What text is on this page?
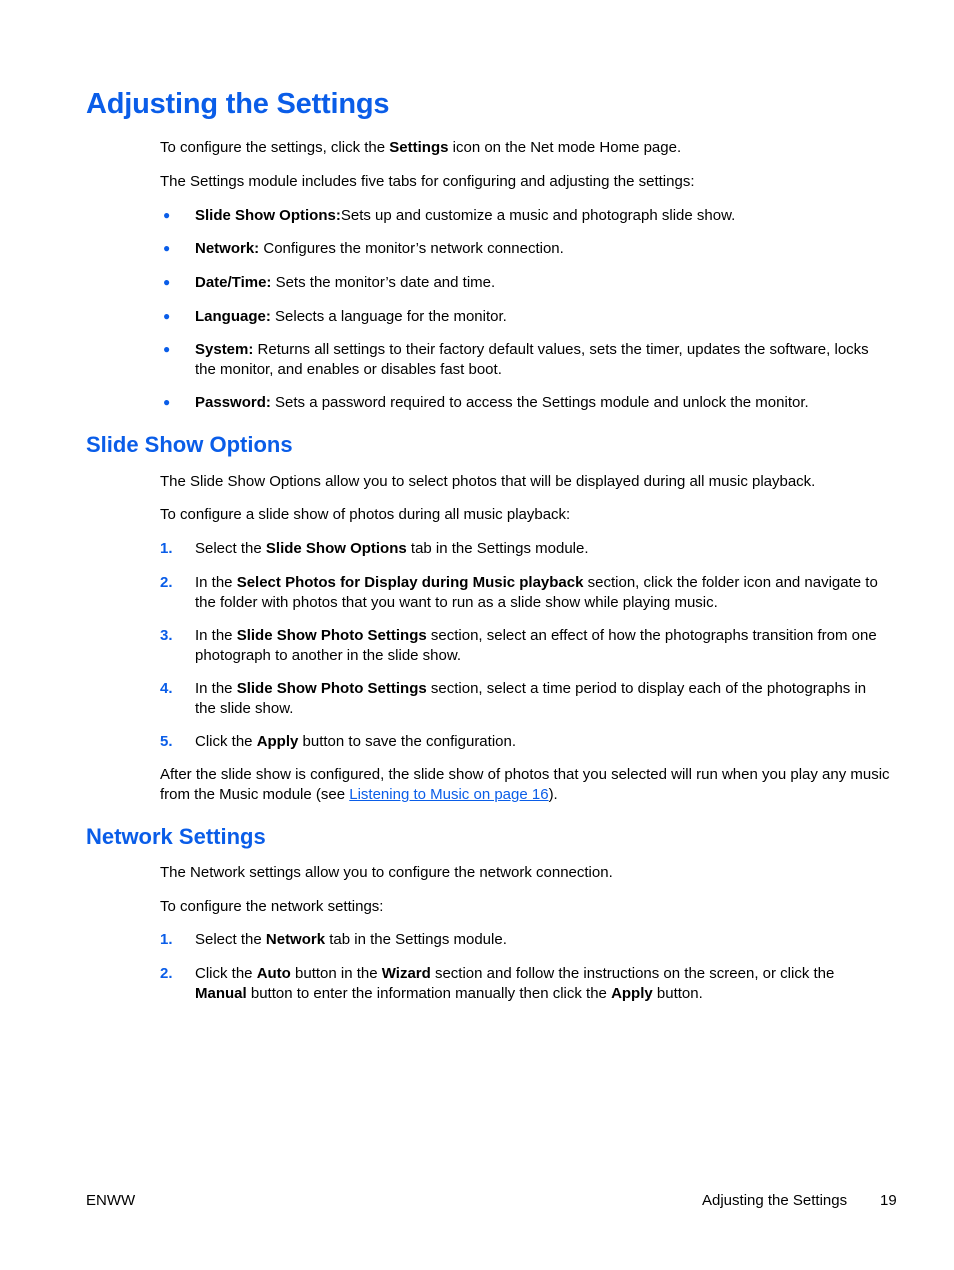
Adjusting the Settings

To configure the settings, click the Settings icon on the Net mode Home page.

The Settings module includes five tabs for configuring and adjusting the settings:

●	Slide Show Options:Sets up and customize a music and photograph slide show.
●	Network: Configures the monitor’s network connection.
●	Date/Time: Sets the monitor’s date and time.
●	Language: Selects a language for the monitor.
●	System: Returns all settings to their factory default values, sets the timer, updates the software, locks the monitor, and enables or disables fast boot.
●	Password: Sets a password required to access the Settings module and unlock the monitor.
Slide Show Options

The Slide Show Options allow you to select photos that will be displayed during all music playback.

To configure a slide show of photos during all music playback:

1.	Select the Slide Show Options tab in the Settings module.
2.	In the Select Photos for Display during Music playback section, click the folder icon and navigate to the folder with photos that you want to run as a slide show while playing music.
3.	In the Slide Show Photo Settings section, select an effect of how the photographs transition from one photograph to another in the slide show.
4.	In the Slide Show Photo Settings section, select a time period to display each of the photographs in the slide show.
5.	Click the Apply button to save the configuration.

After the slide show is configured, the slide show of photos that you selected will run when you play any music from the Music module (see Listening to Music on page 16).

Network Settings

The Network settings allow you to configure the network connection.

To configure the network settings:

1.	Select the Network tab in the Settings module.
2.	Click the Auto button in the Wizard section and follow the instructions on the screen, or click the Manual button to enter the information manually then click the Apply button.
ENWW	Adjusting the Settings 19
